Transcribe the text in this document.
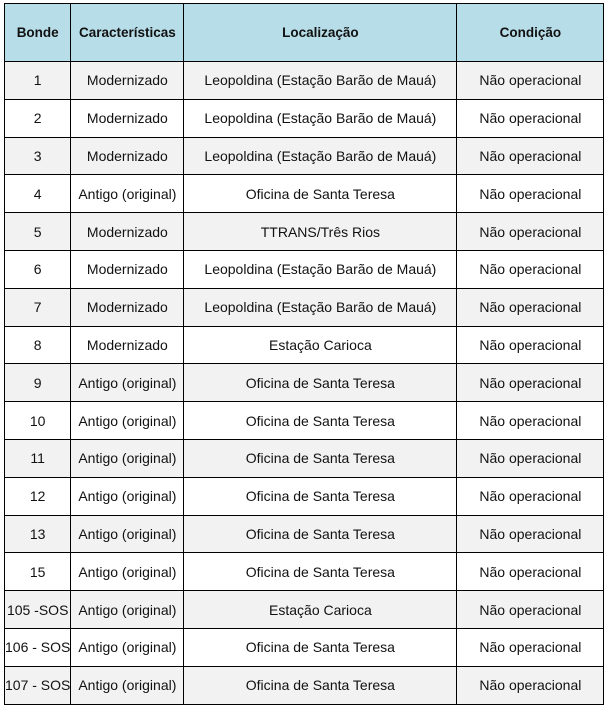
Bonde	Características	Localização	Condição
1	Modernizado	Leopoldina (Estação Barão de Mauá)	Não operacional
2	Modernizado	Leopoldina (Estação Barão de Mauá)	Não operacional
3	Modernizado	Leopoldina (Estação Barão de Mauá)	Não operacional
4	Antigo (original)	Oficina de Santa Teresa	Não operacional
5	Modernizado	TTRANS/Três Rios	Não operacional
6	Modernizado	Leopoldina (Estação Barão de Mauá)	Não operacional
7	Modernizado	Leopoldina (Estação Barão de Mauá)	Não operacional
8	Modernizado	Estação Carioca	Não operacional
9	Antigo (original)	Oficina de Santa Teresa	Não operacional
10	Antigo (original)	Oficina de Santa Teresa	Não operacional
11	Antigo (original)	Oficina de Santa Teresa	Não operacional
12	Antigo (original)	Oficina de Santa Teresa	Não operacional
13	Antigo (original)	Oficina de Santa Teresa	Não operacional
15	Antigo (original)	Oficina de Santa Teresa	Não operacional
105 -SOS	Antigo (original)	Estação Carioca	Não operacional
106 - SOS	Antigo (original)	Oficina de Santa Teresa	Não operacional
107 - SOS	Antigo (original)	Oficina de Santa Teresa	Não operacional
